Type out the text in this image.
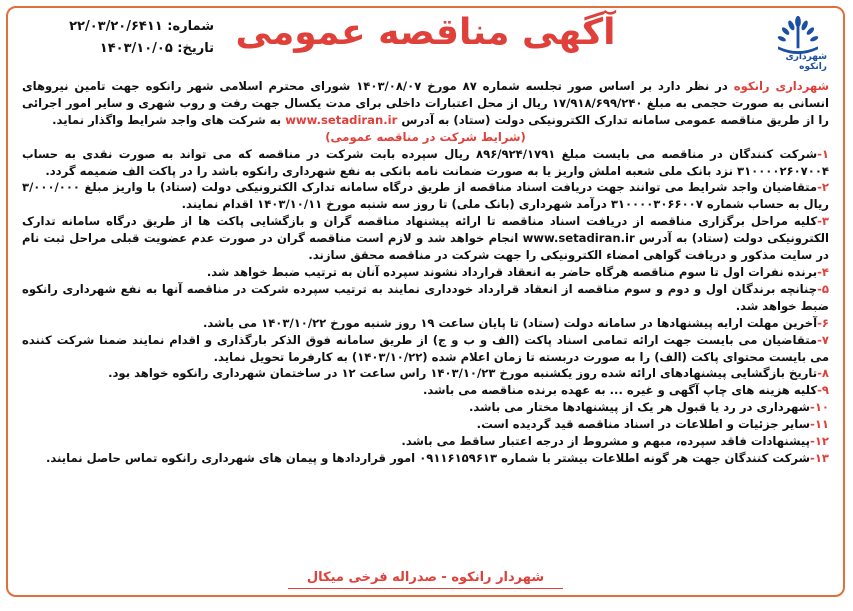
شهرداری رانکوه
آگهی مناقصه عمومی
شماره: ۲۲/۰۳/۲۰/۶۴۱۱
تاریخ: ۱۴۰۳/۱۰/۰۵

شهرداری رانکوه در نظر دارد بر اساس صور تجلسه شماره ۸۷ مورخ ۱۴۰۳/۰۸/۰۷ شورای محترم اسلامی شهر رانکوه جهت تامین نیروهای انسانی به صورت حجمی به مبلغ ۱۷/۹۱۸/۶۹۹/۲۴۰ ریال از محل اعتبارات داخلی برای مدت یکسال جهت رفت و روب شهری و سایر امور اجرائی را از طریق مناقصه عمومی سامانه تدارک الکترونیکی دولت (ستاد) به آدرس www.setadiran.ir به شرکت های واجد شرایط واگذار نماید.

(شرایط شرکت در مناقصه عمومی)

۱-شرکت کنندگان در مناقصه می بایست مبلغ ۸۹۶/۹۲۴/۱۷۹۱ ریال سپرده بابت شرکت در مناقصه که می تواند به صورت نقدی به حساب ۳۱۰۰۰۰۲۶۰۷۰۰۴ نزد بانک ملی شعبه املش واریز یا به صورت ضمانت نامه بانکی به نفع شهرداری رانکوه باشد را در پاکت الف ضمیمه گردد.

۲-متقاضیان واجد شرایط می توانند جهت دریافت اسناد مناقصه از طریق درگاه سامانه تدارک الکترونیکی دولت (ستاد) با واریز مبلغ ۳/۰۰۰/۰۰۰ ریال به حساب شماره ۳۱۰۰۰۰۳۰۶۶۰۰۷ درآمد شهرداری (بانک ملی) تا روز سه شنبه مورخ ۱۴۰۳/۱۰/۱۱ اقدام نمایند.

۳-کلیه مراحل برگزاری مناقصه از دریافت اسناد مناقصه تا ارائه پیشنهاد مناقصه گران و بازگشایی پاکت ها از طریق درگاه سامانه تدارک الکترونیکی دولت (ستاد) به آدرس www.setadiran.ir انجام خواهد شد و لازم است مناقصه گران در صورت عدم عضویت قبلی مراحل ثبت نام در سایت مذکور و دریافت گواهی امضاء الکترونیکی را جهت شرکت در مناقصه محقق سازند.

۴-برنده نفرات اول تا سوم مناقصه هرگاه حاضر به انعقاد قرارداد نشوند سپرده آنان به ترتیب ضبط خواهد شد.

۵-چنانچه برندگان اول و دوم و سوم مناقصه از انعقاد قرارداد خودداری نمایند به ترتیب سپرده شرکت در مناقصه آنها به نفع شهرداری رانکوه ضبط خواهد شد.

۶-آخرین مهلت ارایه پیشنهادها در سامانه دولت (ستاد) تا پایان ساعت ۱۹ روز شنبه مورخ ۱۴۰۳/۱۰/۲۲ می باشد.

۷-متقاضیان می بایست جهت ارائه تمامی اسناد پاکت (الف و ب و ج) از طریق سامانه فوق الذکر بارگذاری و اقدام نمایند ضمنا شرکت کننده می بایست محتوای پاکت (الف) را به صورت دربسته تا زمان اعلام شده (۱۴۰۳/۱۰/۲۲) به کارفرما تحویل نماید.

۸-تاریخ بازگشایی پیشنهادهای ارائه شده روز یکشنبه مورخ ۱۴۰۳/۱۰/۲۳ راس ساعت ۱۲ در ساختمان شهرداری رانکوه خواهد بود.

۹-کلیه هزینه های چاپ آگهی و غیره ... به عهده برنده مناقصه می باشد.

۱۰-شهرداری در رد یا قبول هر یک از پیشنهادها مختار می باشد.

۱۱-سایر جزئیات و اطلاعات در اسناد مناقصه قید گردیده است.

۱۲-پیشنهادات فاقد سپرده، مبهم و مشروط از درجه اعتبار ساقط می باشد.

۱۳-شرکت کنندگان جهت هر گونه اطلاعات بیشتر با شماره ۰۹۱۱۶۱۵۹۶۱۳ امور قراردادها و پیمان های شهرداری رانکوه تماس حاصل نمایند.

شهردار رانکوه - صدراله فرخی میکال
